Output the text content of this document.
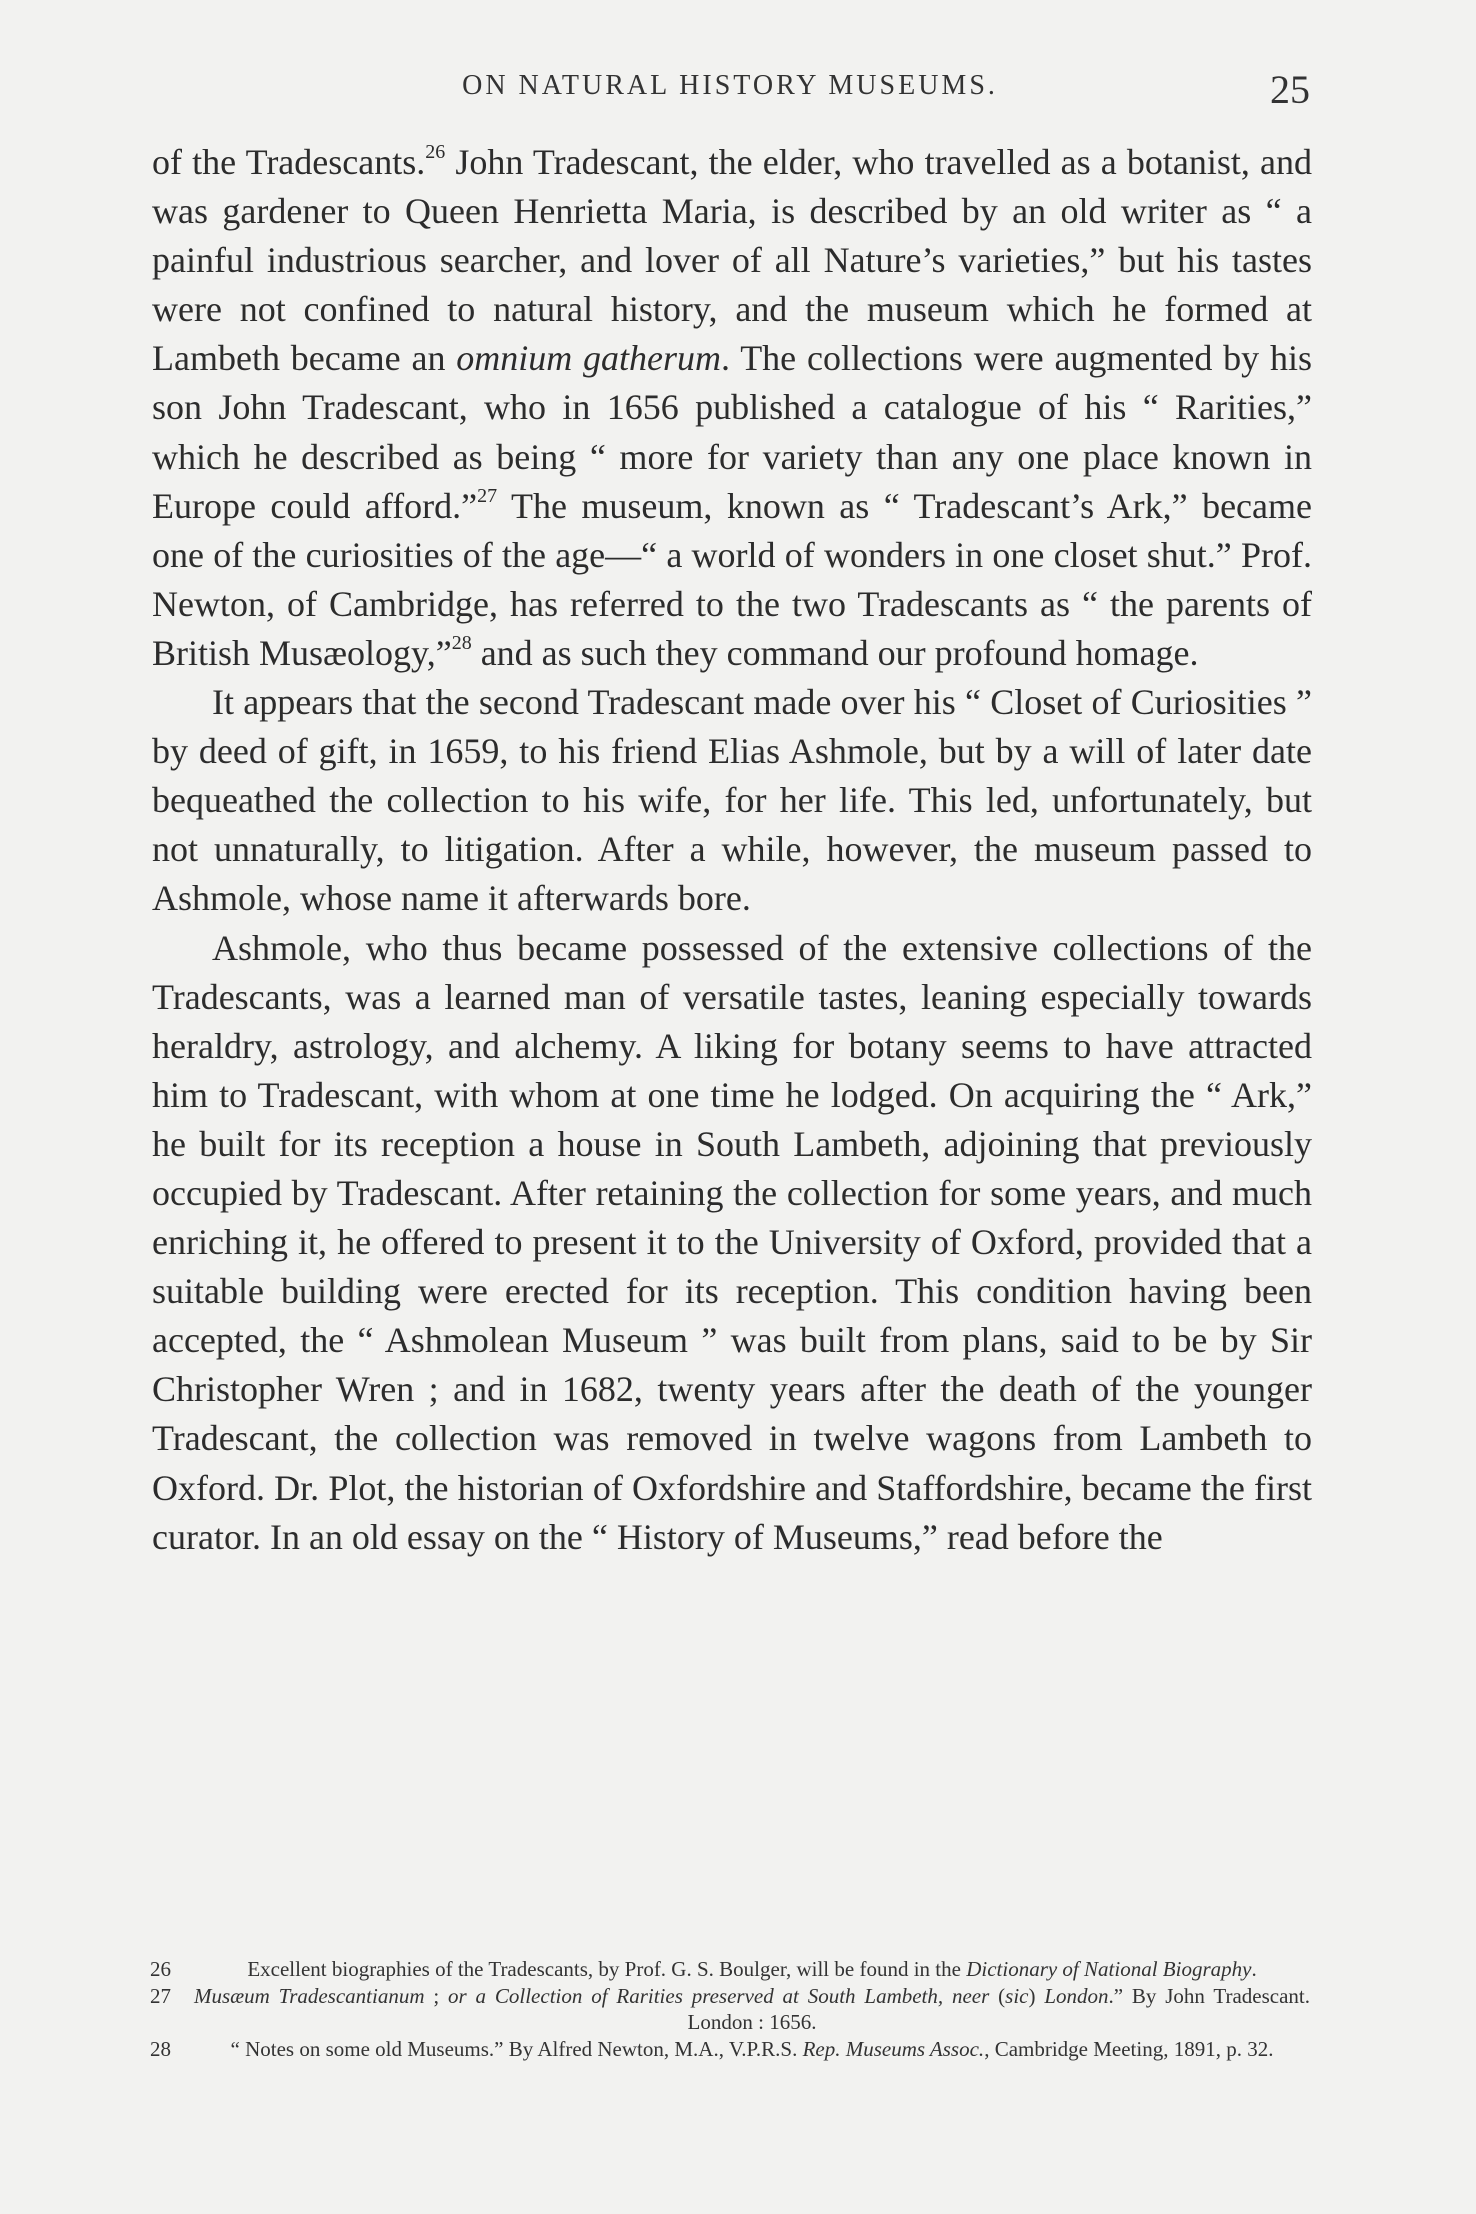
ON NATURAL HISTORY MUSEUMS.	25

of the Tradescants.$^{26}$ John Tradescant, the elder, who travelled as a botanist, and was gardener to Queen Henrietta Maria, is described by an old writer as “ a painful industrious searcher, and lover of all Nature’s varieties,” but his tastes were not confined to natural history, and the museum which he formed at Lambeth became an omnium gatherum. The collections were augmented by his son John Tradescant, who in 1656 published a catalogue of his “ Rarities,” which he described as being “ more for variety than any one place known in Europe could afford.”$^{27}$ The museum, known as “ Tradescant’s Ark,” became one of the curiosities of the age—“ a world of wonders in one closet shut.” Prof. Newton, of Cambridge, has referred to the two Tradescants as “ the parents of British Musæology,”$^{28}$ and as such they command our profound homage.

It appears that the second Tradescant made over his “ Closet of Curiosities ” by deed of gift, in 1659, to his friend Elias Ashmole, but by a will of later date bequeathed the collection to his wife, for her life. This led, unfortunately, but not unnaturally, to litigation. After a while, however, the museum passed to Ashmole, whose name it afterwards bore.

Ashmole, who thus became possessed of the extensive collections of the Tradescants, was a learned man of versatile tastes, leaning especially towards heraldry, astrology, and alchemy. A liking for botany seems to have attracted him to Tradescant, with whom at one time he lodged. On acquiring the “ Ark,” he built for its reception a house in South Lambeth, adjoining that previously occupied by Tradescant. After retaining the collection for some years, and much enriching it, he offered to present it to the University of Oxford, provided that a suitable building were erected for its reception. This condition having been accepted, the “ Ashmolean Museum ” was built from plans, said to be by Sir Christopher Wren ; and in 1682, twenty years after the death of the younger Tradescant, the collection was removed in twelve wagons from Lambeth to Oxford. Dr. Plot, the historian of Oxfordshire and Staffordshire, became the first curator. In an old essay on the “ History of Museums,” read before the

26	Excellent biographies of the Tradescants, by Prof. G. S. Boulger, will be found in the Dictionary of National Biography.
27	Musæum Tradescantianum ; or a Collection of Rarities preserved at South Lambeth, neer (sic) London.” By John Tradescant. London : 1656.
28	“ Notes on some old Museums.” By Alfred Newton, M.A., V.P.R.S. Rep. Museums Assoc., Cambridge Meeting, 1891, p. 32.
